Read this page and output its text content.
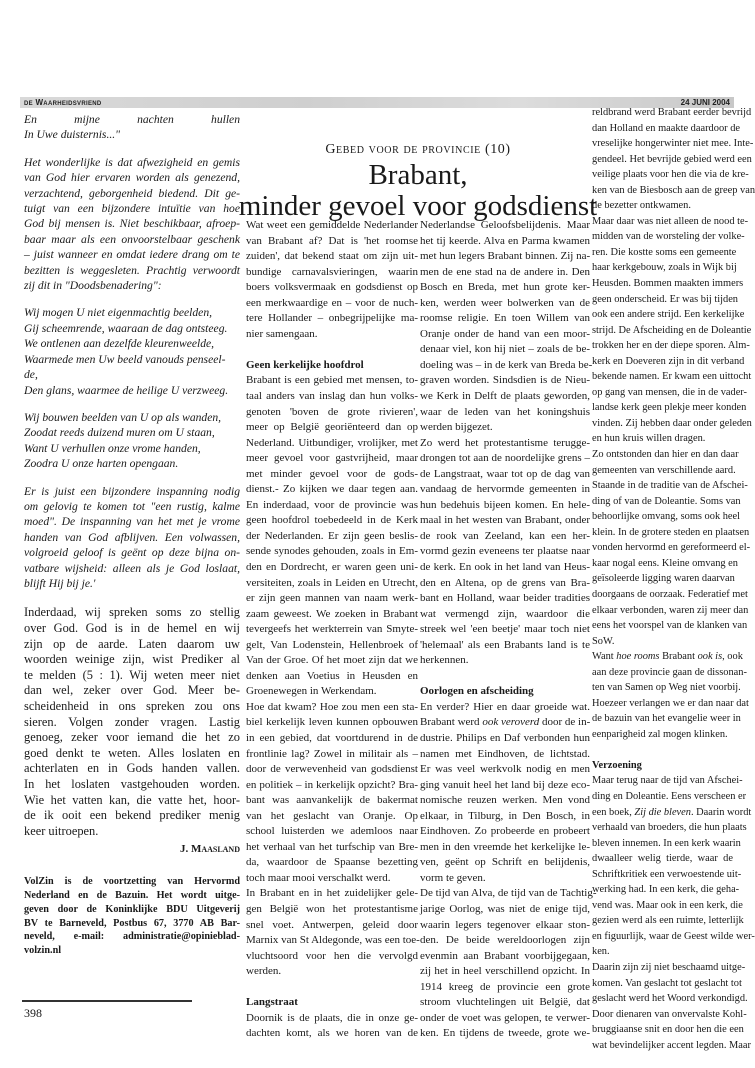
de Waarheidsvriend	24 JUNI 2004
Gebed voor de provincie (10)
Brabant,
minder gevoel voor godsdienst
En mijne nachten hullen
In Uwe duisternis..."
Het wonderlijke is dat afwezigheid en gemis
van God hier ervaren worden als genezend,
verzachtend, geborgenheid biedend. Dit ge-
tuigt van een bijzondere intuïtie van hoe
God bij mensen is. Niet beschikbaar, afroep-
baar maar als een onvoorstelbaar geschenk
– juist wanneer en omdat iedere drang om te
bezitten is weggesleten. Prachtig verwoordt
zij dit in "Doodsbenadering":
Wij mogen U niet eigenmachtig beelden,
Gij scheemrende, waaraan de dag ontsteeg.
We ontlenen aan dezelfde kleurenweelde,
Waarmede men Uw beeld vanouds penseel-
de,
Den glans, waarmee de heilige U verzweeg.
Wij bouwen beelden van U op als wanden,
Zoodat reeds duizend muren om U staan,
Want U verhullen onze vrome handen,
Zoodra U onze harten opengaan.
Er is juist een bijzondere inspanning nodig
om gelovig te komen tot "een rustig, kalme
moed". De inspanning van het met je vrome
handen van God afblijven. Een volwassen,
volgroeid geloof is geënt op deze bijna on-
vatbare wijsheid: alleen als je God loslaat,
blijft Hij bij je.'
Inderdaad, wij spreken soms zo stellig
over God. God is in de hemel en wij
zijn op de aarde. Laten daarom uw
woorden weinige zijn, wist Prediker al
te melden (5 : 1). Wij weten meer niet
dan wel, zeker over God. Meer be-
scheidenheid in ons spreken zou ons
sieren. Volgen zonder vragen. Lastig
genoeg, zeker voor iemand die het zo
goed denkt te weten. Alles loslaten en
achterlaten en in Gods handen vallen.
In het loslaten vastgehouden worden.
Wie het vatten kan, die vatte het, hoor-
de ik ooit een bekend prediker menig
keer uitroepen.
J. Maasland
VolZin is de voortzetting van Hervormd
Nederland en de Bazuin. Het wordt uitge-
geven door de Koninklijke BDU Uitgeverij
BV te Barneveld, Postbus 67, 3770 AB Bar-
neveld, e-mail: administratie@opinieblad-
volzin.nl
Wat weet een gemiddelde Nederlander
van Brabant af? Dat is 'het roomse
zuiden', dat bekend staat om zijn uit-
bundige carnavalsvieringen, waarin
boers volksvermaak en godsdienst op
een merkwaardige en – voor de nuch-
tere Hollander – onbegrijpelijke ma-
nier samengaan.
Geen kerkelijke hoofdrol
Brabant is een gebied met mensen, to-
taal anders van inslag dan hun volks-
genoten 'boven de grote rivieren',
meer op België georiënteerd dan op
Nederland. Uitbundiger, vrolijker, met
meer gevoel voor gastvrijheid, maar
met minder gevoel voor de gods-
dienst.- Zo kijken we daar tegen aan.
En inderdaad, voor de provincie was
geen hoofdrol toebedeeld in de Kerk
der Nederlanden. Er zijn geen beslis-
sende synodes gehouden, zoals in Em-
den en Dordrecht, er waren geen uni-
versiteiten, zoals in Leiden en Utrecht,
er zijn geen mannen van naam werk-
zaam geweest. We zoeken in Brabant
tevergeefs het werkterrein van Smyte-
gelt, Van Lodenstein, Hellenbroek of
Van der Groe. Of het moet zijn dat we
denken aan Voetius in Heusden en
Groenewegen in Werkendam.
Hoe dat kwam? Hoe zou men een sta-
biel kerkelijk leven kunnen opbouwen
in een gebied, dat voortdurend in de
frontlinie lag? Zowel in militair als –
door de verwevenheid van godsdienst
en politiek – in kerkelijk opzicht? Bra-
bant was aanvankelijk de bakermat
van het geslacht van Oranje. Op
school luisterden we ademloos naar
het verhaal van het turfschip van Bre-
da, waardoor de Spaanse bezetting
toch maar mooi verschalkt werd.
In Brabant en in het zuidelijker gele-
gen België won het protestantisme
snel voet. Antwerpen, geleid door
Marnix van St Aldegonde, was een toe-
vluchtsoord voor hen die vervolgd
werden.
Langstraat
Doornik is de plaats, die in onze ge-
dachten komt, als we horen van de
Nederlandse Geloofsbelijdenis. Maar
het tij keerde. Alva en Parma kwamen
met hun legers Brabant binnen. Zij na-
men de ene stad na de andere in. Den
Bosch en Breda, met hun grote ker-
ken, werden weer bolwerken van de
roomse religie. En toen Willem van
Oranje onder de hand van een moor-
denaar viel, kon hij niet – zoals de be-
doeling was – in de kerk van Breda be-
graven worden. Sindsdien is de Nieu-
we Kerk in Delft de plaats geworden,
waar de leden van het koningshuis
werden bijgezet.
Zo werd het protestantisme terugge-
drongen tot aan de noordelijke grens –
de Langstraat, waar tot op de dag van
vandaag de hervormde gemeenten in
hun bedehuis bijeen komen. En hele-
maal in het westen van Brabant, onder
de rook van Zeeland, kan een her-
vormd gezin eveneens ter plaatse naar
de kerk. En ook in het land van Heus-
den en Altena, op de grens van Bra-
bant en Holland, waar beider tradities
wat vermengd zijn, waardoor die
streek wel 'een beetje' maar toch niet
'helemaal' als een Brabants land is te
herkennen.
Oorlogen en afscheiding
En verder? Hier en daar groeide wat.
Brabant werd ook veroverd door de in-
dustrie. Philips en Daf verbonden hun
namen met Eindhoven, de lichtstad.
Er was veel werkvolk nodig en men
ging vanuit heel het land bij deze eco-
nomische reuzen werken. Men vond
elkaar, in Tilburg, in Den Bosch, in
Eindhoven. Zo probeerde en probeert
men in den vreemde het kerkelijke le-
ven, geënt op Schrift en belijdenis,
vorm te geven.
De tijd van Alva, de tijd van de Tachtig-
jarige Oorlog, was niet de enige tijd,
waarin legers tegenover elkaar ston-
den. De beide wereldoorlogen zijn
evenmin aan Brabant voorbijgegaan,
zij het in heel verschillend opzicht. In
1914 kreeg de provincie een grote
stroom vluchtelingen uit België, dat
onder de voet was gelopen, te verwer-
ken. En tijdens de tweede, grote we-
reldbrand werd Brabant eerder bevrijd
dan Holland en maakte daardoor de
vreselijke hongerwinter niet mee. Inte-
gendeel. Het bevrijde gebied werd een
veilige plaats voor hen die via de kre-
ken van de Biesbosch aan de greep van
de bezetter ontkwamen.
Maar daar was niet alleen de nood te-
midden van de worsteling der volke-
ren. Die kostte soms een gemeente
haar kerkgebouw, zoals in Wijk bij
Heusden. Bommen maakten immers
geen onderscheid. Er was bij tijden
ook een andere strijd. Een kerkelijke
strijd. De Afscheiding en de Doleantie
trokken her en der diepe sporen. Alm-
kerk en Doeveren zijn in dit verband
bekende namen. Er kwam een uittocht
op gang van mensen, die in de vader-
landse kerk geen plekje meer konden
vinden. Zij hebben daar onder geleden
en hun kruis willen dragen.
Zo ontstonden dan hier en dan daar
gemeenten van verschillende aard.
Staande in de traditie van de Afschei-
ding of van de Doleantie. Soms van
behoorlijke omvang, soms ook heel
klein. In de grotere steden en plaatsen
vonden hervormd en gereformeerd el-
kaar nogal eens. Kleine omvang en
geïsoleerde ligging waren daarvan
doorgaans de oorzaak. Federatief met
elkaar verbonden, waren zij meer dan
eens het voorspel van de klanken van
SoW.
Want hoe rooms Brabant ook is, ook
aan deze provincie gaan de dissonan-
ten van Samen op Weg niet voorbij.
Hoezeer verlangen we er dan naar dat
de bazuin van het evangelie weer in
eenparigheid zal mogen klinken.
Verzoening
Maar terug naar de tijd van Afschei-
ding en Doleantie. Eens verscheen er
een boek, Zij die bleven. Daarin wordt
verhaald van broeders, die hun plaats
bleven innemen. In een kerk waarin
dwaalleer welig tierde, waar de
Schriftkritiek een verwoestende uit-
werking had. In een kerk, die geha-
vend was. Maar ook in een kerk, die
gezien werd als een ruimte, letterlijk
en figuurlijk, waar de Geest wilde wer-
ken.
Daarin zijn zij niet beschaamd uitge-
komen. Van geslacht tot geslacht tot
geslacht werd het Woord verkondigd.
Door dienaren van onvervalste Kohl-
bruggiaanse snit en door hen die een
wat bevindelijker accent legden. Maar
398
